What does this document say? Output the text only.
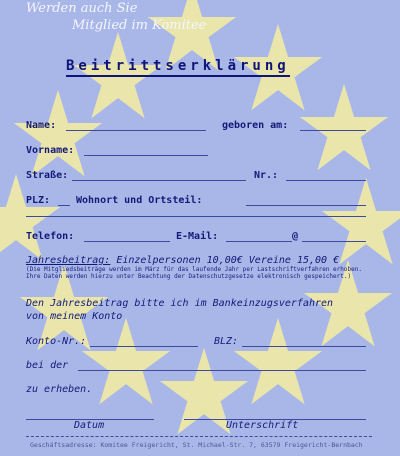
Werden auch Sie
Mitglied im Komitee
Beitrittserklärung
Name:	geboren am:
Vorname:
Straße:	Nr.:
PLZ:	Wohnort und Ortsteil:
Telefon:	E-Mail:	@
Jahresbeitrag: Einzelpersonen 10,00€ Vereine 15,00 €
(Die Mitgliedsbeiträge werden im März für das laufende Jahr per Lastschriftverfahren erhoben. Ihre Daten werden hierzu unter Beachtung der Datenschutzgesetze elektronisch gespeichert.)
Den Jahresbeitrag bitte ich im Bankeinzugsverfahren
von meinem Konto
Konto-Nr.:	BLZ:
bei der
zu erheben.
Datum	Unterschrift
Geschäftsadresse: Komitee Freigericht, St. Michael-Str. 7, 63579 Freigericht-Bernbach
